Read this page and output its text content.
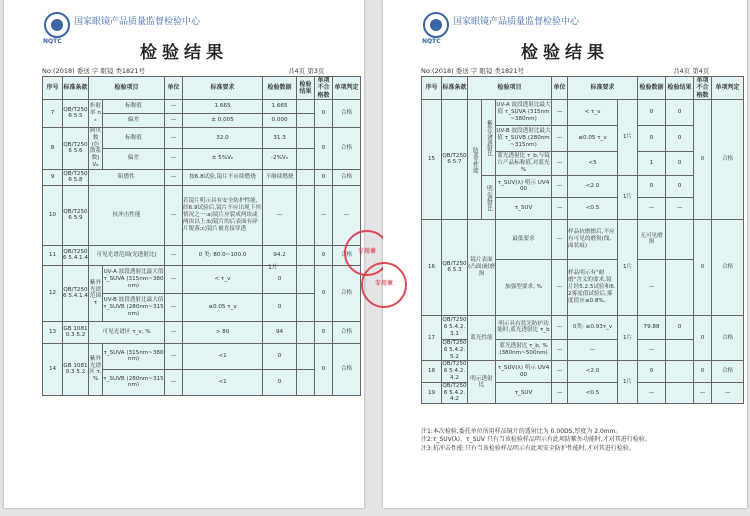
NQTC
国家眼镜产品质量监督检验中心
检验结果
No:(2018) 委送 字 眼镜 类1821号	共4页 第3页
序号	标准条款	检验项目		单位	标准要求	检验数据	检验结果	单项不合格数	单项判定
7	QB/T2506 5.5	折射率 nₑ	标称值	—	1.665	1.665		0	合格
			偏差	—	± 0.005	0.000			
8	QB/T2506 5.6	阿贝数(色散系数) Vₑ	标称值	—	32.0	31.3		0	合格
			偏差	—	± 5%Vₑ	-2%Vₑ			
9	QB/T2506 5.8	阻燃性		—	按6.8试验,镜片不应续燃烧	不继续燃烧		0	合格
10	QB/T2506 5.9	抗冲击性能		—	若镜片明示具有安全防护性能,经6.9试验后,镜片不应出现下列情况之一:a)镜片应裂成两块或两块以上;b)镜片的后表面有碎片脱落;c)镜片被直接穿透	—		—	—
11	QB/T2506 5.4.1.4	可见光谱范围(光透射比)		—	0 类: 80.0~100.0	94.2		0	合格
12	QB/T2506 5.4.1.4	紫外光谱范围 τ	UV-A 波段透射比最大值 τ_SUVA (315nm~380nm)	—	< τ_v	0		0	合格
			UV-B 波段透射比最大值 τ_SUVB (280nm~315nm)	—	≤0.05 τ_v	0			
13	GB 10810.3 5.2	可见光谱区 τ_v, %		—	> 80	94		0	合格
14	GB 10810.3 5.2	紫外光谱区 τ, %	τ_SUVA (315nm~380nm)	—	<1	0		0	合格
			τ_SUVB (280nm~315nm)	—	<1	0			
1片
专用章
NQTC
国家眼镜产品质量监督检验中心
检验结果
No:(2018) 委送 字 眼镜 类1821号	共4页 第4页
序号	标准条款	检验项目			单位	标准要求		检验数据	检验结果	单项不合格数	单项判定
15	QB/T2506 5.7	防蓝光性能	紫外光谱透射比	UV-A 波段透射比最大值 τ_SUVA (315nm~380nm)	—	< τ_v	1片	0	0	0	合格
				UV-B 波段透射比最大值 τ_SUVB (280nm~315nm)	—	≤0.05 τ_v		0	0		
				蓝光透射比 τ_b,与镜片产品标称值,对蓝光 %	—	<5		1	0		
			明示透射比	τ_SUV(λ) 明示 UV400	—	<2.0	1片	0	0		
				τ_SUV	—	<0.5		—	—		
16	QB/T2506 5.3	镜片表面(凸面)耐磨损		最低要求	—	样品抗磨擦后,不应有可见的磨损(线、面状痕)	1片	无可见磨损		0	合格
				加强型要求, %	—	样品明示有"耐磨"含义的要求,镜片经5.2.5试验和6.2雾度值试验后,雾度值应≤0.8%。		—			
17	QB/T2506 5.4.2.3.1	蓝光性能		明示具有蓝光防护功能时,蓝光透射比 τ_b	—	0类: ≤0.93τ_v	1片	79.88	0	0	合格
	QB/T2506 5.4.2.5.2			蓝光透射比 τ_b, % (380nm~500nm)	—	—		—			
18	QB/T2506 5.4.2.4.2	明示透射比		τ_SUV(λ) 明示 UV400	—	<2.0	1片	0		0	合格
19	QB/T2506 5.4.2.4.2			τ_SUV	—	<0.5		—		—	—
注1:本次检验,委托单位所用样品镜片的透射比为 0.00DS,厚度为 2.0mm。
注2:τ_SUV(λ)、τ_SUV 只有当该检验样品明示有此项防紫外功能时,才对其进行检验。
注3:抗冲击性能:只有当该检验样品明示有此项安全防护性能时,才对其进行检验。
专用章
